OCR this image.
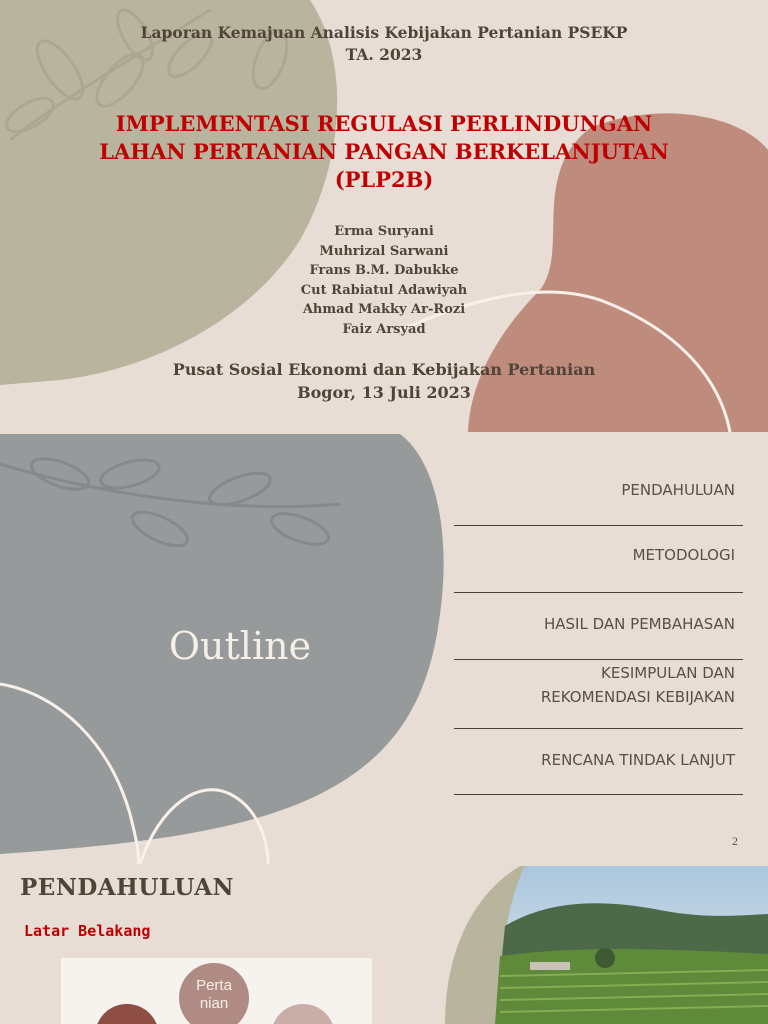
Laporan Kemajuan Analisis Kebijakan Pertanian PSEKP
TA. 2023
IMPLEMENTASI REGULASI PERLINDUNGAN
LAHAN PERTANIAN PANGAN BERKELANJUTAN
(PLP2B)
Erma Suryani
Muhrizal Sarwani
Frans B.M. Dabukke
Cut Rabiatul Adawiyah
Ahmad Makky Ar-Rozi
Faiz Arsyad
Pusat Sosial Ekonomi dan Kebijakan Pertanian
Bogor, 13 Juli 2023
Outline
PENDAHULUAN
METODOLOGI
HASIL DAN PEMBAHASAN
KESIMPULAN DAN
REKOMENDASI KEBIJAKAN
RENCANA TINDAK LANJUT
2
PENDAHULUAN
Latar Belakang
Perta
nian
